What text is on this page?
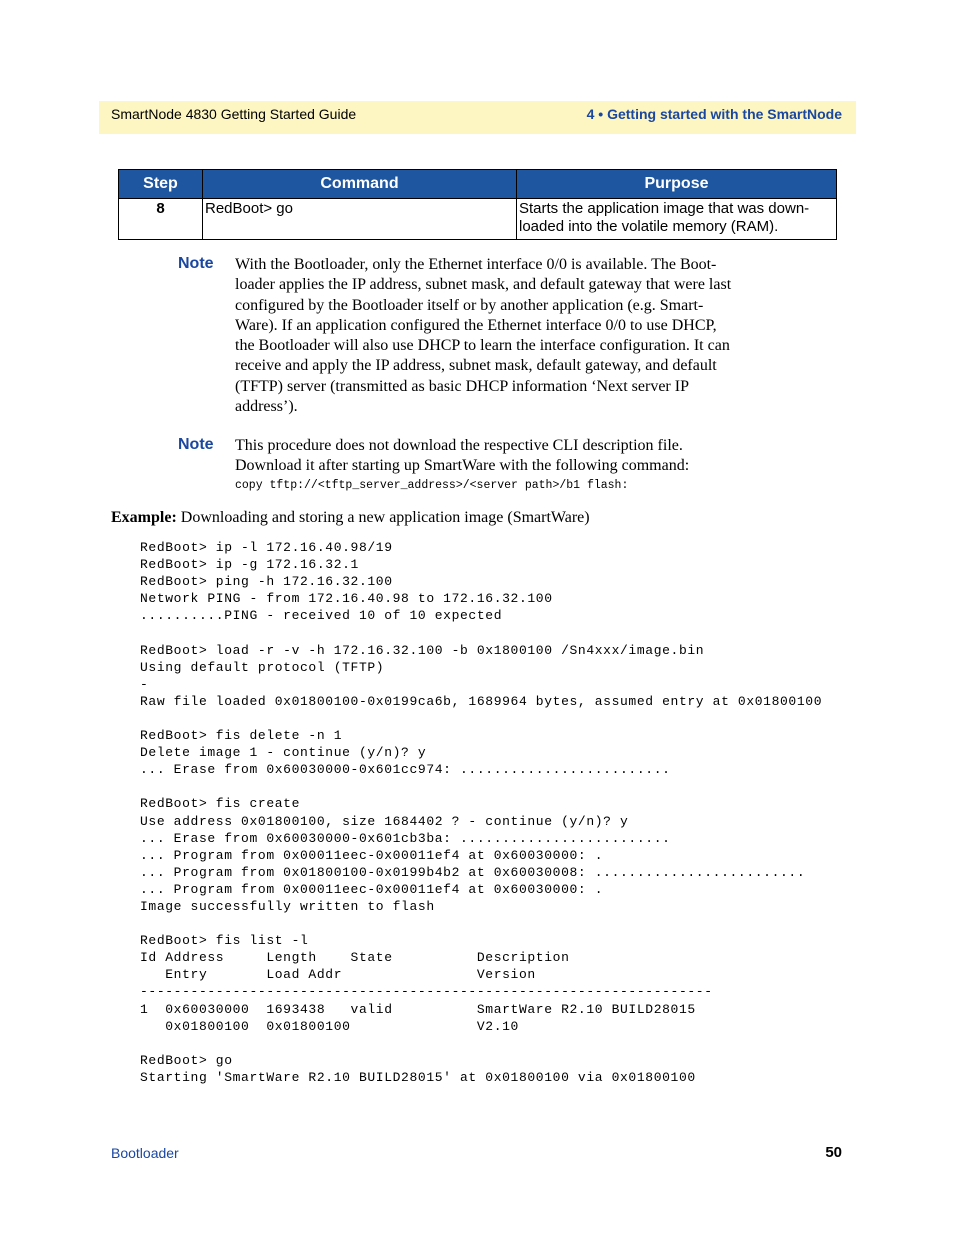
SmartNode 4830 Getting Started Guide	4 • Getting started with the SmartNode
Step	Command	Purpose
8	RedBoot> go	Starts the application image that was down-loaded into the volatile memory (RAM).
Note With the Bootloader, only the Ethernet interface 0/0 is available. The Boot-loader applies the IP address, subnet mask, and default gateway that were last configured by the Bootloader itself or by another application (e.g. Smart-Ware). If an application configured the Ethernet interface 0/0 to use DHCP, the Bootloader will also use DHCP to learn the interface configuration. It can receive and apply the IP address, subnet mask, default gateway, and default (TFTP) server (transmitted as basic DHCP information ‘Next server IP address’).
Note This procedure does not download the respective CLI description file. Download it after starting up SmartWare with the following command:
copy tftp://<tftp_server_address>/<server path>/b1 flash:
Example: Downloading and storing a new application image (SmartWare)
RedBoot> ip -l 172.16.40.98/19
RedBoot> ip -g 172.16.32.1
RedBoot> ping -h 172.16.32.100
Network PING - from 172.16.40.98 to 172.16.32.100
..........PING - received 10 of 10 expected

RedBoot> load -r -v -h 172.16.32.100 -b 0x1800100 /Sn4xxx/image.bin
Using default protocol (TFTP)
-
Raw file loaded 0x01800100-0x0199ca6b, 1689964 bytes, assumed entry at 0x01800100

RedBoot> fis delete -n 1
Delete image 1 - continue (y/n)? y
... Erase from 0x60030000-0x601cc974: .........................

RedBoot> fis create
Use address 0x01800100, size 1684402 ? - continue (y/n)? y
... Erase from 0x60030000-0x601cb3ba: .........................
... Program from 0x00011eec-0x00011ef4 at 0x60030000: .
... Program from 0x01800100-0x0199b4b2 at 0x60030008: .........................
... Program from 0x00011eec-0x00011ef4 at 0x60030000: .
Image successfully written to flash

RedBoot> fis list -l
Id Address     Length    State          Description
Entry       Load Addr                Version
--------------------------------------------------------------------
1  0x60030000  1693438   valid          SmartWare R2.10 BUILD28015
0x01800100  0x01800100               V2.10

RedBoot> go
Starting 'SmartWare R2.10 BUILD28015' at 0x01800100 via 0x01800100
Bootloader	50
